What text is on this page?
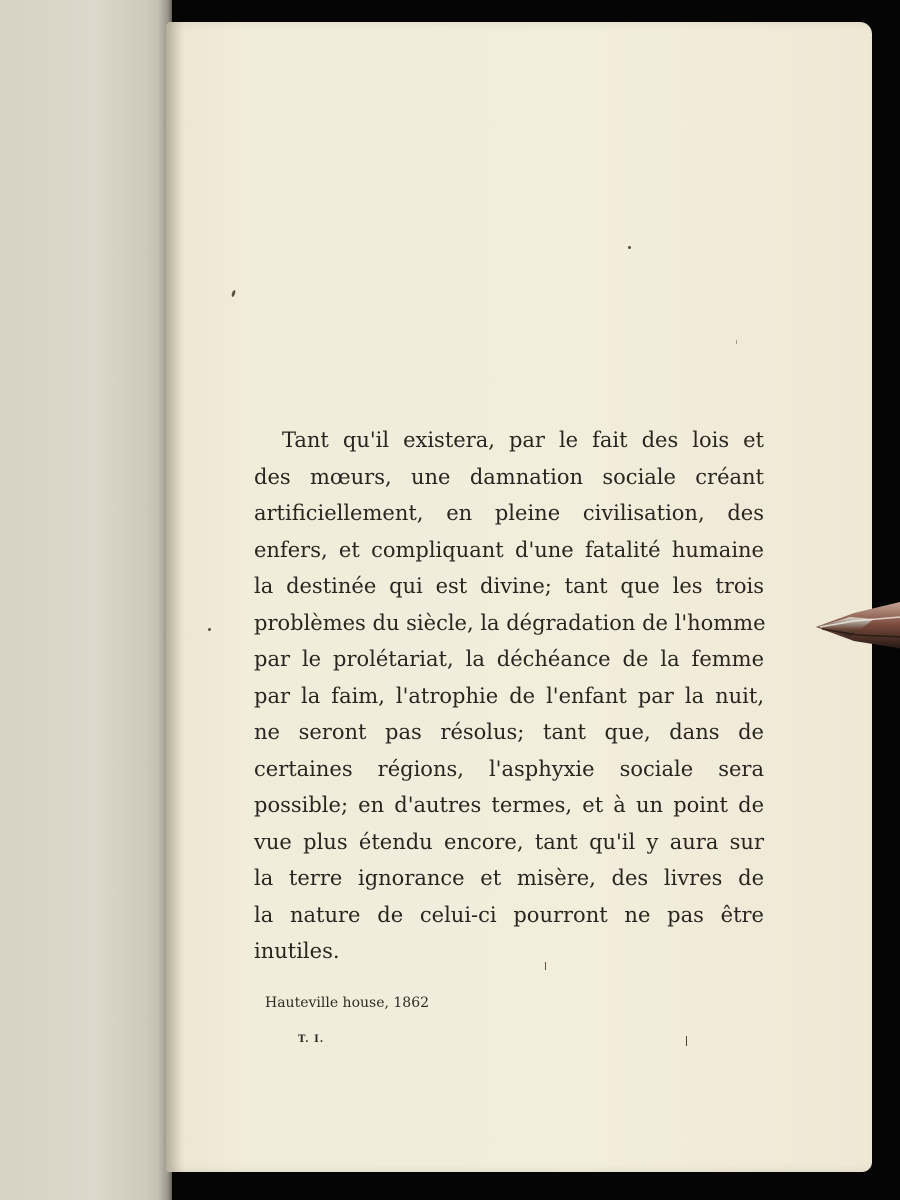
Tant qu'il existera, par le fait des lois et
des mœurs, une damnation sociale créant
artificiellement, en pleine civilisation, des
enfers, et compliquant d'une fatalité humaine
la destinée qui est divine; tant que les trois
problèmes du siècle, la dégradation de l'homme
par le prolétariat, la déchéance de la femme
par la faim, l'atrophie de l'enfant par la nuit,
ne seront pas résolus; tant que, dans de
certaines régions, l'asphyxie sociale sera
possible; en d'autres termes, et à un point de
vue plus étendu encore, tant qu'il y aura sur
la terre ignorance et misère, des livres de
la nature de celui-ci pourront ne pas être
inutiles.
Hauteville house, 1862
T. I.
